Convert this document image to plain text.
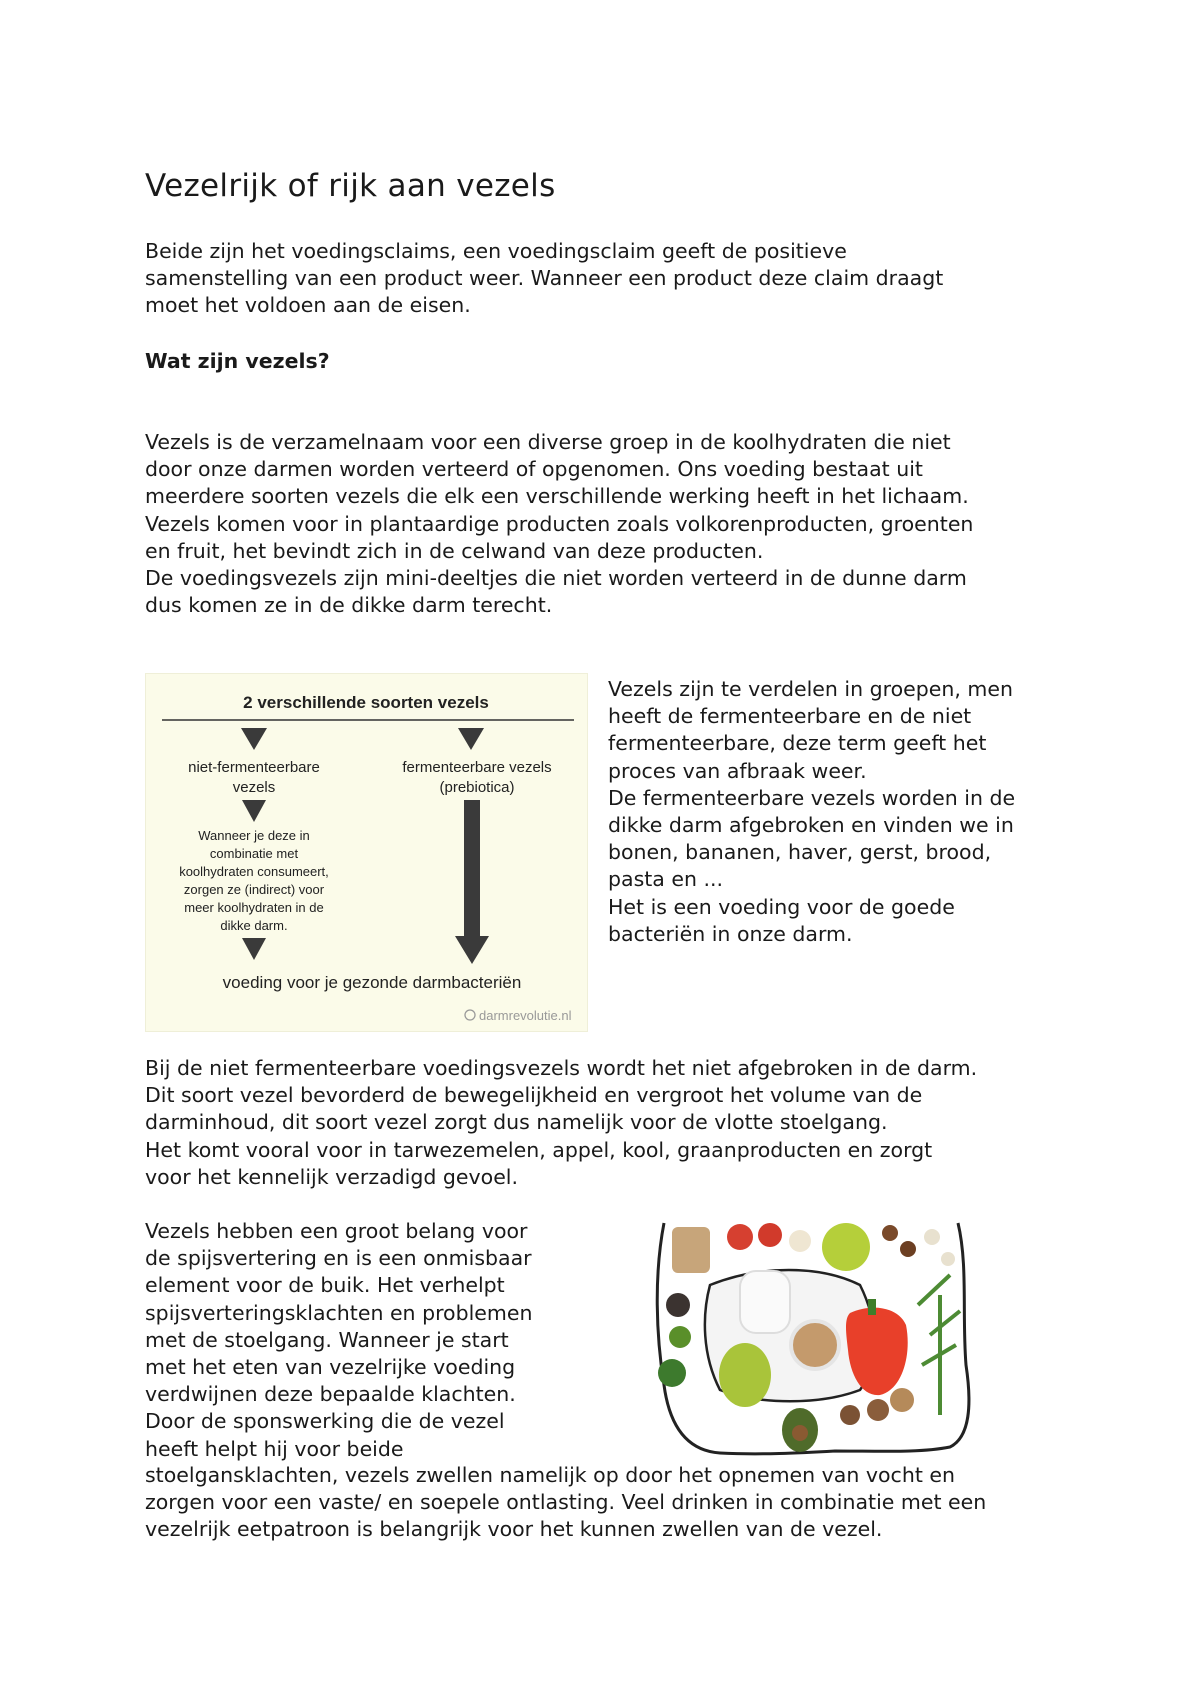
Vezelrijk of rijk aan vezels

Beide zijn het voedingsclaims, een voedingsclaim geeft de positieve
samenstelling van een product weer. Wanneer een product deze claim draagt
moet het voldoen aan de eisen.

Wat zijn vezels?

Vezels is de verzamelnaam voor een diverse groep in de koolhydraten die niet
door onze darmen worden verteerd of opgenomen. Ons voeding bestaat uit
meerdere soorten vezels die elk een verschillende werking heeft in het lichaam.
Vezels komen voor in plantaardige producten zoals volkorenproducten, groenten
en fruit, het bevindt zich in de celwand van deze producten.
De voedingsvezels zijn mini-deeltjes die niet worden verteerd in de dunne darm
dus komen ze in de dikke darm terecht.

2 verschillende soorten vezels
niet-fermenteerbare
vezels
fermenteerbare vezels
(prebiotica)
Wanneer je deze in
combinatie met
koolhydraten consumeert,
zorgen ze (indirect) voor
meer koolhydraten in de
dikke darm.
voeding voor je gezonde darmbacteriën
darmrevolutie.nl

Vezels zijn te verdelen in groepen, men
heeft de fermenteerbare en de niet
fermenteerbare, deze term geeft het
proces van afbraak weer.
De fermenteerbare vezels worden in de
dikke darm afgebroken en vinden we in
bonen, bananen, haver, gerst, brood,
pasta en ...
Het is een voeding voor de goede
bacteriën in onze darm.

Bij de niet fermenteerbare voedingsvezels wordt het niet afgebroken in de darm.
Dit soort vezel bevorderd de bewegelijkheid en vergroot het volume van de
darminhoud, dit soort vezel zorgt dus namelijk voor de vlotte stoelgang.
Het komt vooral voor in tarwezemelen, appel, kool, graanproducten en zorgt
voor het kennelijk verzadigd gevoel.

Vezels hebben een groot belang voor
de spijsvertering en is een onmisbaar
element voor de buik. Het verhelpt
spijsverteringsklachten en problemen
met de stoelgang. Wanneer je start
met het eten van vezelrijke voeding
verdwijnen deze bepaalde klachten.
Door de sponswerking die de vezel
heeft helpt hij voor beide

stoelgansklachten, vezels zwellen namelijk op door het opnemen van vocht en
zorgen voor een vaste/ en soepele ontlasting. Veel drinken in combinatie met een
vezelrijk eetpatroon is belangrijk voor het kunnen zwellen van de vezel.
